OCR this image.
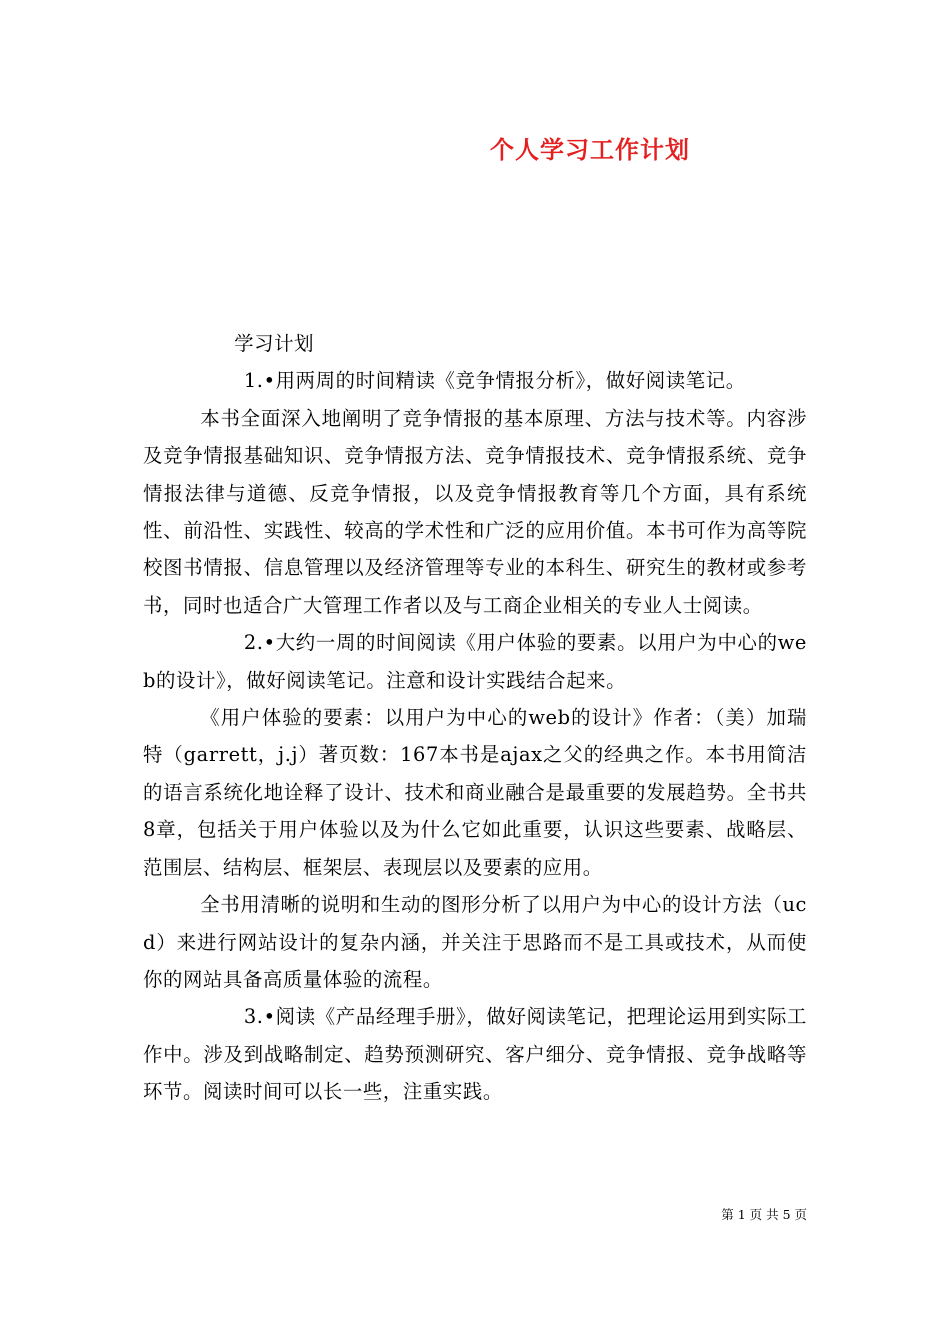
个人学习工作计划

学习计划

1.•用两周的时间精读《竞争情报分析》，做好阅读笔记。

本书全面深入地阐明了竞争情报的基本原理、方法与技术等。内容涉及竞争情报基础知识、竞争情报方法、竞争情报技术、竞争情报系统、竞争情报法律与道德、反竞争情报，以及竞争情报教育等几个方面，具有系统性、前沿性、实践性、较高的学术性和广泛的应用价值。本书可作为高等院校图书情报、信息管理以及经济管理等专业的本科生、研究生的教材或参考书，同时也适合广大管理工作者以及与工商企业相关的专业人士阅读。

2.•大约一周的时间阅读《用户体验的要素。以用户为中心的web的设计》，做好阅读笔记。注意和设计实践结合起来。

《用户体验的要素：以用户为中心的web的设计》作者：（美）加瑞特（garrett，j.j）著页数：167本书是ajax之父的经典之作。本书用简洁的语言系统化地诠释了设计、技术和商业融合是最重要的发展趋势。全书共8章，包括关于用户体验以及为什么它如此重要，认识这些要素、战略层、范围层、结构层、框架层、表现层以及要素的应用。

全书用清晰的说明和生动的图形分析了以用户为中心的设计方法（ucd）来进行网站设计的复杂内涵，并关注于思路而不是工具或技术，从而使你的网站具备高质量体验的流程。

3.•阅读《产品经理手册》，做好阅读笔记，把理论运用到实际工作中。涉及到战略制定、趋势预测研究、客户细分、竞争情报、竞争战略等环节。阅读时间可以长一些，注重实践。

第 1 页 共 5 页
